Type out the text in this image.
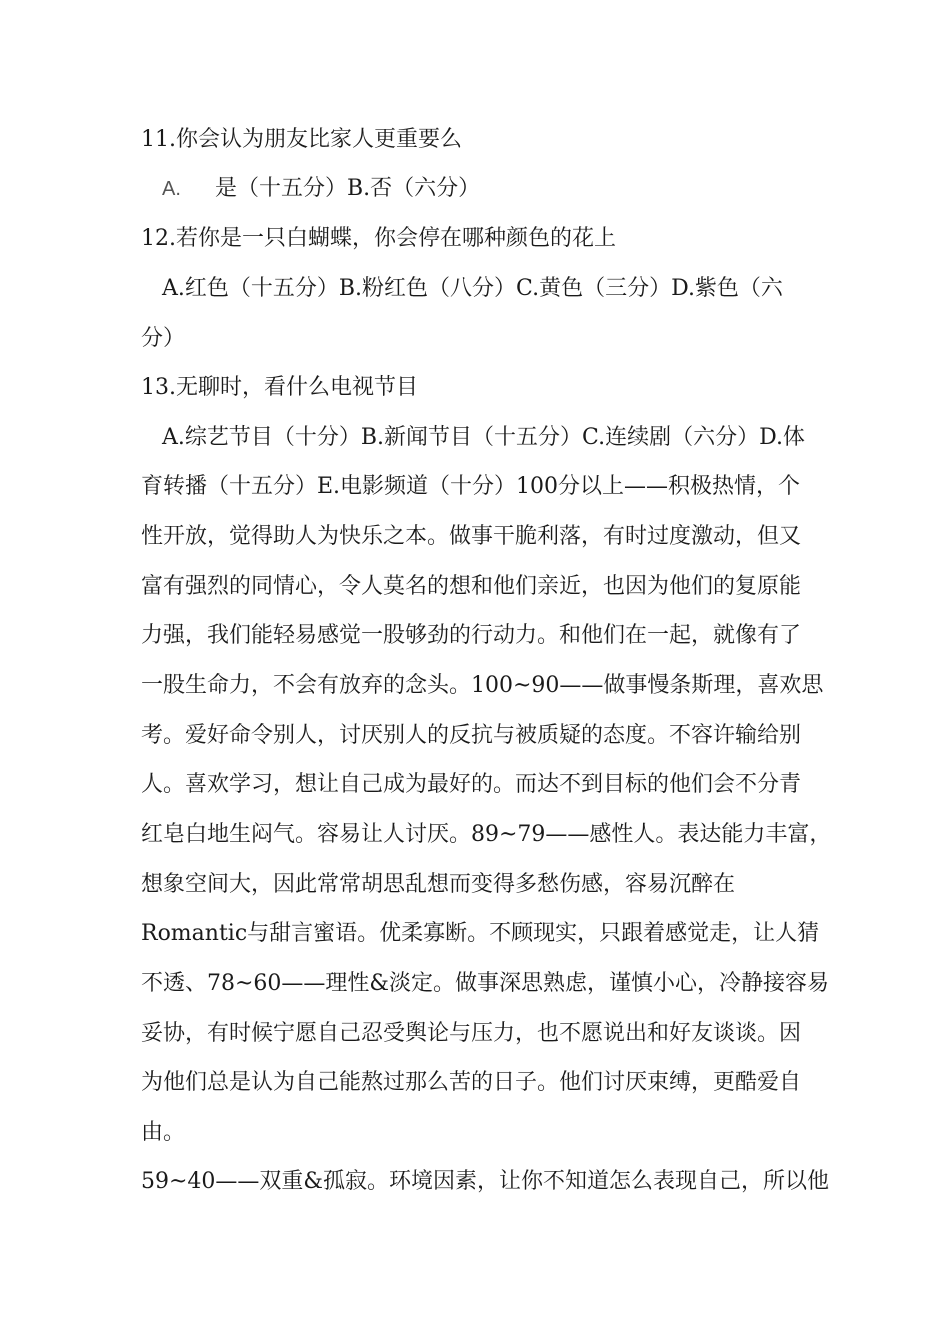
11.你会认为朋友比家人更重要么
A. 是（十五分）B.否（六分）
12.若你是一只白蝴蝶，你会停在哪种颜色的花上
A.红色（十五分）B.粉红色（八分）C.黄色（三分）D.紫色（六
分）
13.无聊时，看什么电视节目
A.综艺节目（十分）B.新闻节目（十五分）C.连续剧（六分）D.体
育转播（十五分）E.电影频道（十分）100分以上——积极热情，个
性开放，觉得助人为快乐之本。做事干脆利落，有时过度激动，但又
富有强烈的同情心，令人莫名的想和他们亲近，也因为他们的复原能
力强，我们能轻易感觉一股够劲的行动力。和他们在一起，就像有了
一股生命力，不会有放弃的念头。100~90——做事慢条斯理，喜欢思
考。爱好命令别人，讨厌别人的反抗与被质疑的态度。不容许输给别
人。喜欢学习，想让自己成为最好的。而达不到目标的他们会不分青
红皂白地生闷气。容易让人讨厌。89~79——感性人。表达能力丰富，
想象空间大，因此常常胡思乱想而变得多愁伤感，容易沉醉在
Romantic与甜言蜜语。优柔寡断。不顾现实，只跟着感觉走，让人猜
不透、78~60——理性&淡定。做事深思熟虑，谨慎小心，冷静接容易
妥协，有时候宁愿自己忍受舆论与压力，也不愿说出和好友谈谈。因
为他们总是认为自己能熬过那么苦的日子。他们讨厌束缚，更酷爱自
由。
59~40——双重&孤寂。环境因素，让你不知道怎么表现自己，所以他
